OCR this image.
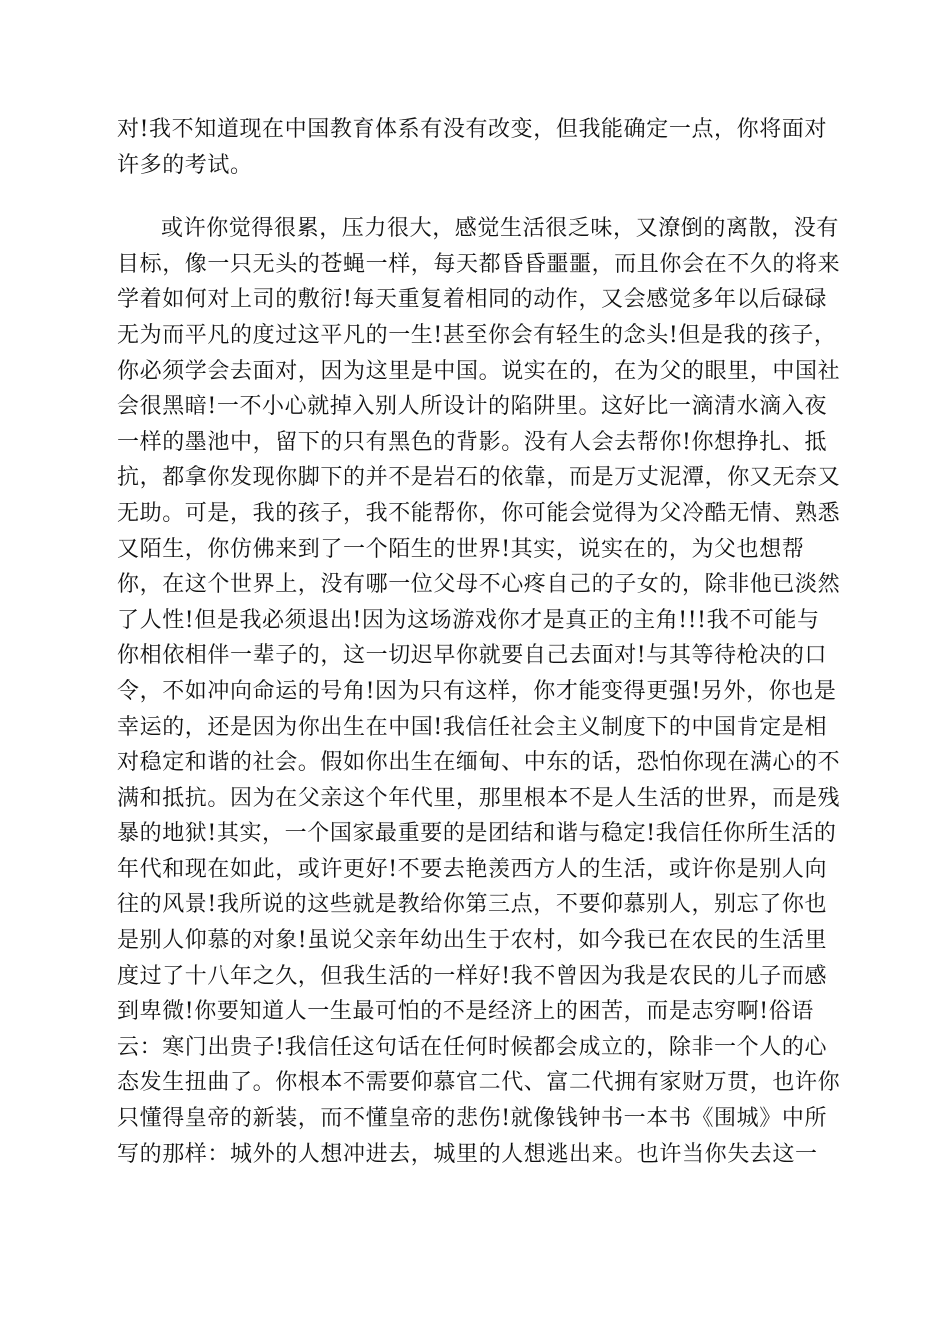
对!我不知道现在中国教育体系有没有改变，但我能确定一点，你将面对
许多的考试。
或许你觉得很累，压力很大，感觉生活很乏味，又潦倒的离散，没有
目标，像一只无头的苍蝇一样，每天都昏昏噩噩，而且你会在不久的将来
学着如何对上司的敷衍!每天重复着相同的动作，又会感觉多年以后碌碌
无为而平凡的度过这平凡的一生!甚至你会有轻生的念头!但是我的孩子，
你必须学会去面对，因为这里是中国。说实在的，在为父的眼里，中国社
会很黑暗!一不小心就掉入别人所设计的陷阱里。这好比一滴清水滴入夜
一样的墨池中，留下的只有黑色的背影。没有人会去帮你!你想挣扎、抵
抗，都拿你发现你脚下的并不是岩石的依靠，而是万丈泥潭，你又无奈又
无助。可是，我的孩子，我不能帮你，你可能会觉得为父冷酷无情、熟悉
又陌生，你仿佛来到了一个陌生的世界!其实，说实在的，为父也想帮
你，在这个世界上，没有哪一位父母不心疼自己的子女的，除非他已淡然
了人性!但是我必须退出!因为这场游戏你才是真正的主角!!!我不可能与
你相依相伴一辈子的，这一切迟早你就要自己去面对!与其等待枪决的口
令，不如冲向命运的号角!因为只有这样，你才能变得更强!另外，你也是
幸运的，还是因为你出生在中国!我信任社会主义制度下的中国肯定是相
对稳定和谐的社会。假如你出生在缅甸、中东的话，恐怕你现在满心的不
满和抵抗。因为在父亲这个年代里，那里根本不是人生活的世界，而是残
暴的地狱!其实，一个国家最重要的是团结和谐与稳定!我信任你所生活的
年代和现在如此，或许更好!不要去艳羡西方人的生活，或许你是别人向
往的风景!我所说的这些就是教给你第三点，不要仰慕别人，别忘了你也
是别人仰慕的对象!虽说父亲年幼出生于农村，如今我已在农民的生活里
度过了十八年之久，但我生活的一样好!我不曾因为我是农民的儿子而感
到卑微!你要知道人一生最可怕的不是经济上的困苦，而是志穷啊!俗语
云：寒门出贵子!我信任这句话在任何时候都会成立的，除非一个人的心
态发生扭曲了。你根本不需要仰慕官二代、富二代拥有家财万贯，也许你
只懂得皇帝的新装，而不懂皇帝的悲伤!就像钱钟书一本书《围城》中所
写的那样：城外的人想冲进去，城里的人想逃出来。也许当你失去这一
